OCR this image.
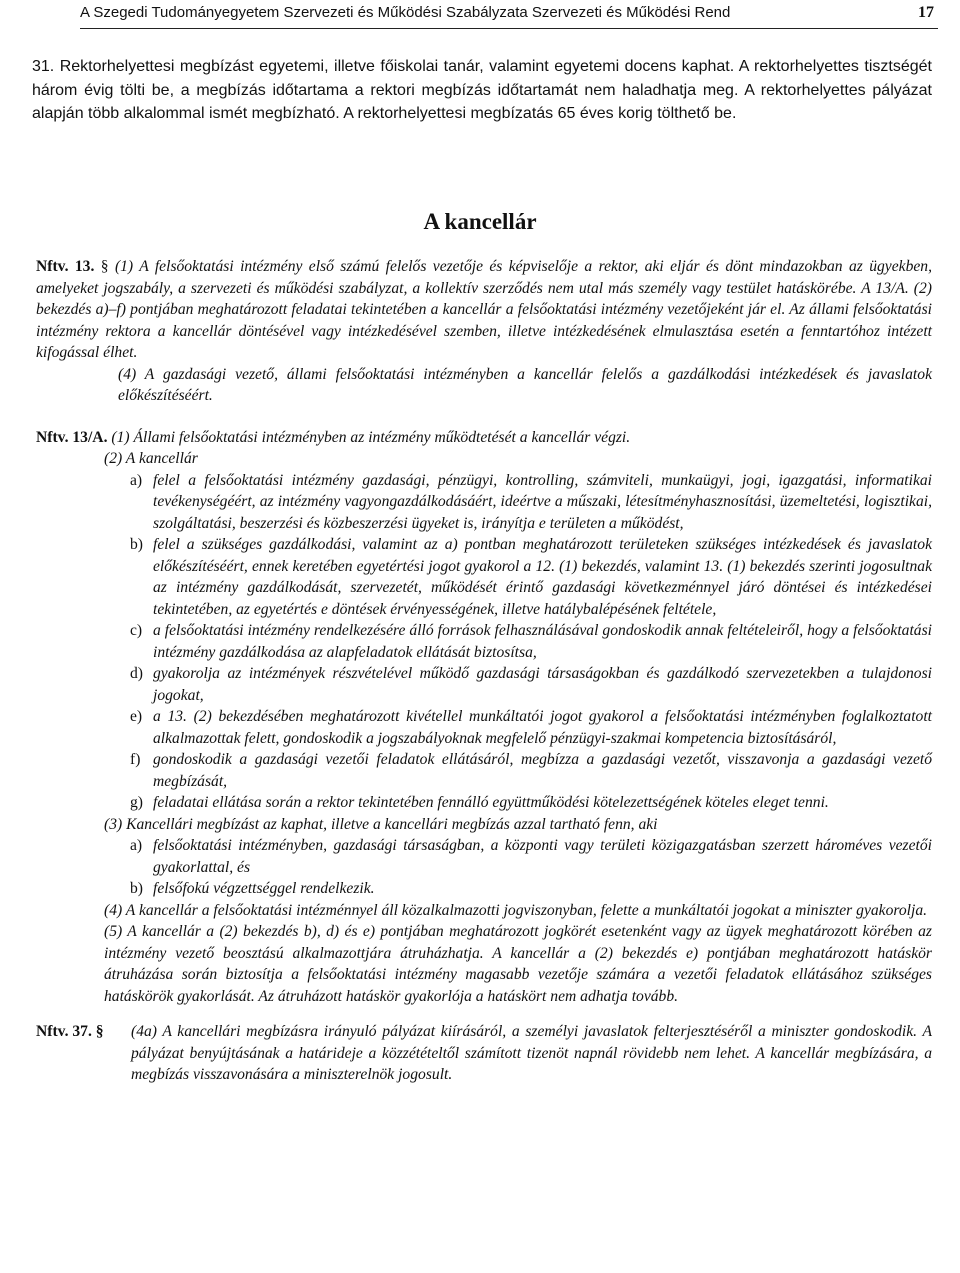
A Szegedi Tudományegyetem Szervezeti és Működési Szabályzata Szervezeti és Működési Rend	17

31. Rektorhelyettesi megbízást egyetemi, illetve főiskolai tanár, valamint egyetemi docens kaphat. A rektorhelyettes tisztségét három évig tölti be, a megbízás időtartama a rektori megbízás időtartamát nem haladhatja meg. A rektorhelyettes pályázat alapján több alkalommal ismét megbízható. A rektorhelyettesi megbízatás 65 éves korig tölthető be.

A kancellár

Nftv. 13. § (1) A felsőoktatási intézmény első számú felelős vezetője és képviselője a rektor, aki eljár és dönt mindazokban az ügyekben, amelyeket jogszabály, a szervezeti és működési szabályzat, a kollektív szerződés nem utal más személy vagy testület hatáskörébe. A 13/A. (2) bekezdés a)–f) pontjában meghatározott feladatai tekintetében a kancellár a felsőoktatási intézmény vezetőjeként jár el. Az állami felsőoktatási intézmény rektora a kancellár döntésével vagy intézkedésével szemben, illetve intézkedésének elmulasztása esetén a fenntartóhoz intézett kifogással élhet.

(4) A gazdasági vezető, állami felsőoktatási intézményben a kancellár felelős a gazdálkodási intézkedések és javaslatok előkészítéséért.

Nftv. 13/A. (1) Állami felsőoktatási intézményben az intézmény működtetését a kancellár végzi.

(2) A kancellár

a) felel a felsőoktatási intézmény gazdasági, pénzügyi, kontrolling, számviteli, munkaügyi, jogi, igazgatási, informatikai tevékenységéért, az intézmény vagyongazdálkodásáért, ideértve a műszaki, létesítményhasznosítási, üzemeltetési, logisztikai, szolgáltatási, beszerzési és közbeszerzési ügyeket is, irányítja e területen a működést,

b) felel a szükséges gazdálkodási, valamint az a) pontban meghatározott területeken szükséges intézkedések és javaslatok előkészítéséért, ennek keretében egyetértési jogot gyakorol a 12. (1) bekezdés, valamint 13. (1) bekezdés szerinti jogosultnak az intézmény gazdálkodását, szervezetét, működését érintő gazdasági következménnyel járó döntései és intézkedései tekintetében, az egyetértés e döntések érvényességének, illetve hatálybalépésének feltétele,

c) a felsőoktatási intézmény rendelkezésére álló források felhasználásával gondoskodik annak feltételeiről, hogy a felsőoktatási intézmény gazdálkodása az alapfeladatok ellátását biztosítsa,

d) gyakorolja az intézmények részvételével működő gazdasági társaságokban és gazdálkodó szervezetekben a tulajdonosi jogokat,

e) a 13. (2) bekezdésében meghatározott kivétellel munkáltatói jogot gyakorol a felsőoktatási intézményben foglalkoztatott alkalmazottak felett, gondoskodik a jogszabályoknak megfelelő pénzügyi-szakmai kompetencia biztosításáról,

f) gondoskodik a gazdasági vezetői feladatok ellátásáról, megbízza a gazdasági vezetőt, visszavonja a gazdasági vezető megbízását,

g) feladatai ellátása során a rektor tekintetében fennálló együttműködési kötelezettségének köteles eleget tenni.

(3) Kancellári megbízást az kaphat, illetve a kancellári megbízás azzal tartható fenn, aki

a) felsőoktatási intézményben, gazdasági társaságban, a központi vagy területi közigazgatásban szerzett hároméves vezetői gyakorlattal, és

b) felsőfokú végzettséggel rendelkezik.

(4) A kancellár a felsőoktatási intézménnyel áll közalkalmazotti jogviszonyban, felette a munkáltatói jogokat a miniszter gyakorolja.

(5) A kancellár a (2) bekezdés b), d) és e) pontjában meghatározott jogkörét esetenként vagy az ügyek meghatározott körében az intézmény vezető beosztású alkalmazottjára átruházhatja. A kancellár a (2) bekezdés e) pontjában meghatározott hatáskör átruházása során biztosítja a felsőoktatási intézmény magasabb vezetője számára a vezetői feladatok ellátásához szükséges hatáskörök gyakorlását. Az átruházott hatáskör gyakorlója a hatáskört nem adhatja tovább.

Nftv. 37. § (4a) A kancellári megbízásra irányuló pályázat kiírásáról, a személyi javaslatok felterjesztéséről a miniszter gondoskodik. A pályázat benyújtásának a határideje a közzétételtől számított tizenöt napnál rövidebb nem lehet. A kancellár megbízására, a megbízás visszavonására a miniszterelnök jogosult.
